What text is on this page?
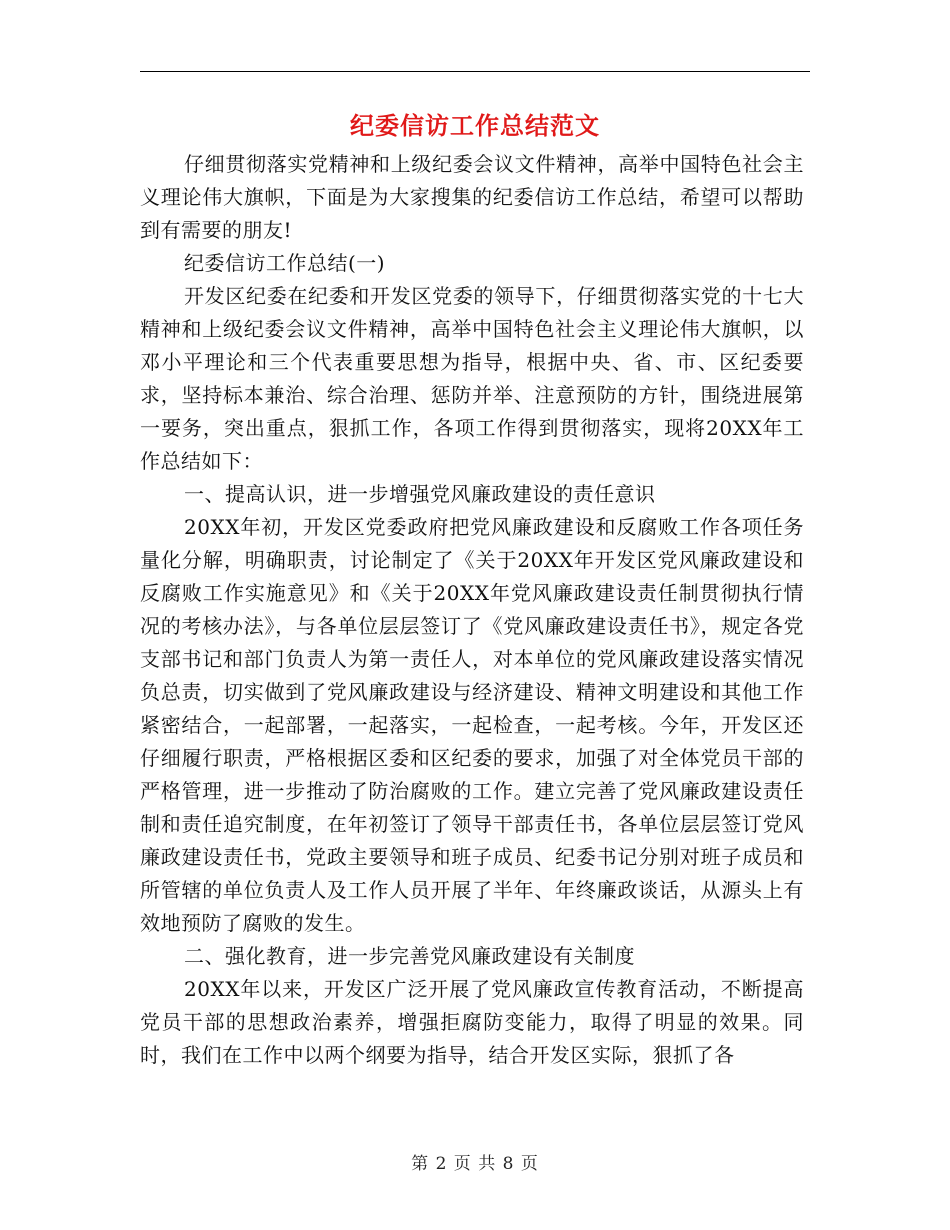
纪委信访工作总结范文

仔细贯彻落实党精神和上级纪委会议文件精神，高举中国特色社会主义理论伟大旗帜，下面是为大家搜集的纪委信访工作总结，希望可以帮助到有需要的朋友!

纪委信访工作总结(一)

开发区纪委在纪委和开发区党委的领导下，仔细贯彻落实党的十七大精神和上级纪委会议文件精神，高举中国特色社会主义理论伟大旗帜，以邓小平理论和三个代表重要思想为指导，根据中央、省、市、区纪委要求，坚持标本兼治、综合治理、惩防并举、注意预防的方针，围绕进展第一要务，突出重点，狠抓工作，各项工作得到贯彻落实，现将20XX年工作总结如下：

一、提高认识，进一步增强党风廉政建设的责任意识

20XX年初，开发区党委政府把党风廉政建设和反腐败工作各项任务量化分解，明确职责，讨论制定了《关于20XX年开发区党风廉政建设和反腐败工作实施意见》和《关于20XX年党风廉政建设责任制贯彻执行情况的考核办法》，与各单位层层签订了《党风廉政建设责任书》，规定各党支部书记和部门负责人为第一责任人，对本单位的党风廉政建设落实情况负总责，切实做到了党风廉政建设与经济建设、精神文明建设和其他工作紧密结合，一起部署，一起落实，一起检查，一起考核。今年，开发区还仔细履行职责，严格根据区委和区纪委的要求，加强了对全体党员干部的严格管理，进一步推动了防治腐败的工作。建立完善了党风廉政建设责任制和责任追究制度，在年初签订了领导干部责任书，各单位层层签订党风廉政建设责任书，党政主要领导和班子成员、纪委书记分别对班子成员和所管辖的单位负责人及工作人员开展了半年、年终廉政谈话，从源头上有效地预防了腐败的发生。

二、强化教育，进一步完善党风廉政建设有关制度

20XX年以来，开发区广泛开展了党风廉政宣传教育活动，不断提高党员干部的思想政治素养，增强拒腐防变能力，取得了明显的效果。同时，我们在工作中以两个纲要为指导，结合开发区实际，狠抓了各

第 2 页 共 8 页
